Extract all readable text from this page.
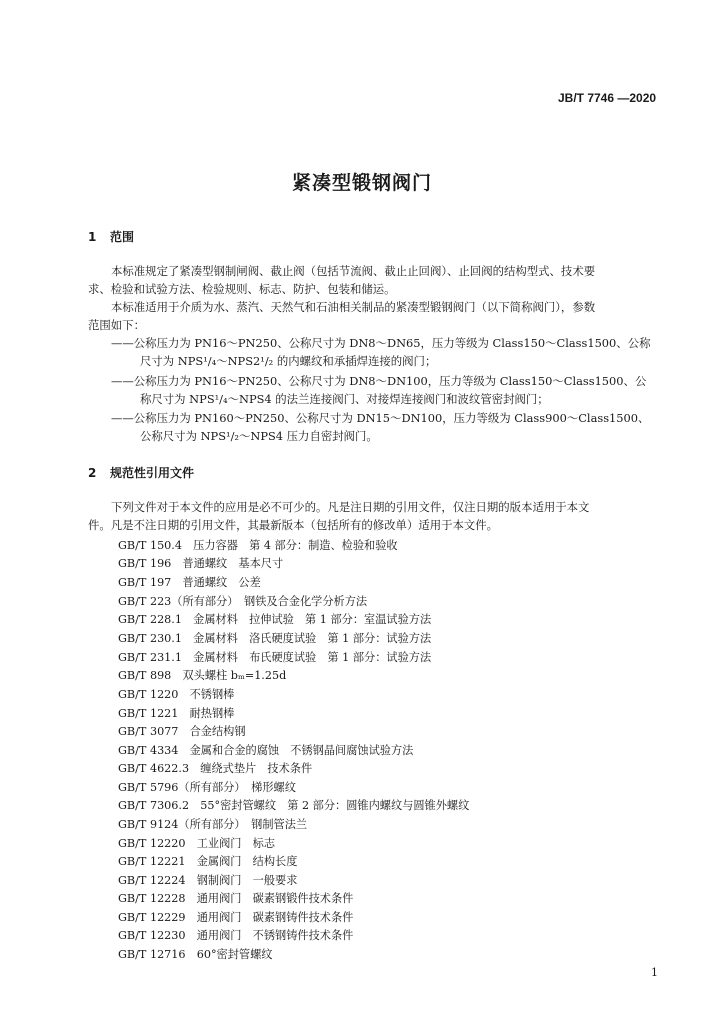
JB/T 7746 —2020
紧凑型锻钢阀门
1 范围
本标准规定了紧凑型钢制闸阀、截止阀（包括节流阀、截止止回阀）、止回阀的结构型式、技术要
求、检验和试验方法、检验规则、标志、防护、包装和储运。
本标准适用于介质为水、蒸汽、天然气和石油相关制品的紧凑型锻钢阀门（以下简称阀门），参数
范围如下：
——公称压力为 PN16～PN250、公称尺寸为 DN8～DN65，压力等级为 Class150～Class1500、公称
尺寸为 NPS¹/₄～NPS2¹/₂ 的内螺纹和承插焊连接的阀门；
——公称压力为 PN16～PN250、公称尺寸为 DN8～DN100，压力等级为 Class150～Class1500、公
称尺寸为 NPS¹/₄～NPS4 的法兰连接阀门、对接焊连接阀门和波纹管密封阀门；
——公称压力为 PN160～PN250、公称尺寸为 DN15～DN100，压力等级为 Class900～Class1500、
公称尺寸为 NPS¹/₂～NPS4 压力自密封阀门。
2 规范性引用文件
下列文件对于本文件的应用是必不可少的。凡是注日期的引用文件，仅注日期的版本适用于本文
件。凡是不注日期的引用文件，其最新版本（包括所有的修改单）适用于本文件。
GB/T 150.4　压力容器　第 4 部分：制造、检验和验收
GB/T 196　普通螺纹　基本尺寸
GB/T 197　普通螺纹　公差
GB/T 223（所有部分）　钢铁及合金化学分析方法
GB/T 228.1　金属材料　拉伸试验　第 1 部分：室温试验方法
GB/T 230.1　金属材料　洛氏硬度试验　第 1 部分：试验方法
GB/T 231.1　金属材料　布氏硬度试验　第 1 部分：试验方法
GB/T 898　双头螺柱 bₘ=1.25d
GB/T 1220　不锈钢棒
GB/T 1221　耐热钢棒
GB/T 3077　合金结构钢
GB/T 4334　金属和合金的腐蚀　不锈钢晶间腐蚀试验方法
GB/T 4622.3　缠绕式垫片　技术条件
GB/T 5796（所有部分）　梯形螺纹
GB/T 7306.2　55°密封管螺纹　第 2 部分：圆锥内螺纹与圆锥外螺纹
GB/T 9124（所有部分）　钢制管法兰
GB/T 12220　工业阀门　标志
GB/T 12221　金属阀门　结构长度
GB/T 12224　钢制阀门　一般要求
GB/T 12228　通用阀门　碳素钢锻件技术条件
GB/T 12229　通用阀门　碳素钢铸件技术条件
GB/T 12230　通用阀门　不锈钢铸件技术条件
GB/T 12716　60°密封管螺纹
1
